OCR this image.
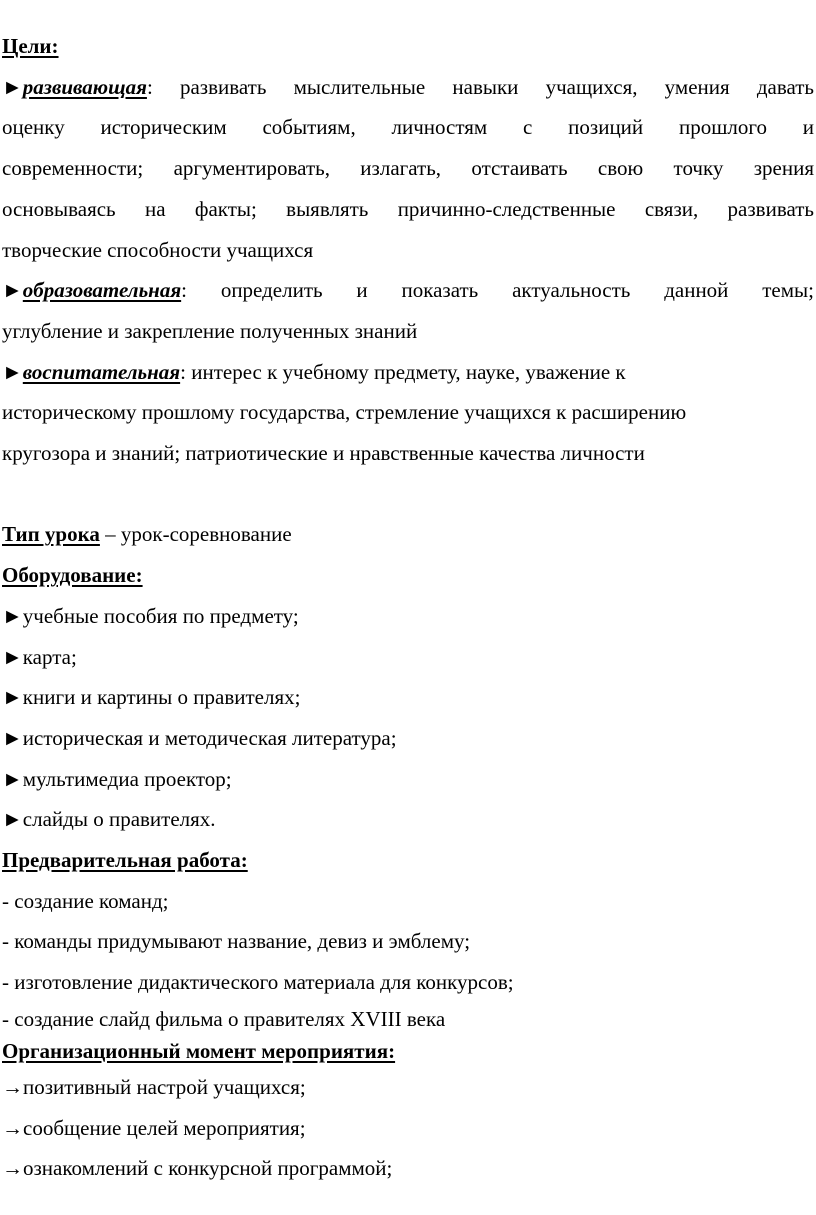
Цели:
►развивающая: развивать мыслительные навыки учащихся, умения давать
оценку историческим событиям, личностям с позиций прошлого и
современности; аргументировать, излагать, отстаивать свою точку зрения
основываясь на факты; выявлять причинно-следственные связи, развивать
творческие способности учащихся
►образовательная: определить и показать актуальность данной темы;
углубление и закрепление полученных знаний
►воспитательная: интерес к учебному предмету, науке, уважение к
историческому прошлому государства, стремление учащихся к расширению
кругозора и знаний; патриотические и нравственные качества личности
Тип урока – урок-соревнование
Оборудование:
►учебные пособия по предмету;
►карта;
►книги и картины о правителях;
►историческая и методическая литература;
►мультимедиа проектор;
►слайды о правителях.
Предварительная работа:
- создание команд;
- команды придумывают название, девиз и эмблему;
- изготовление дидактического материала для конкурсов;
- создание слайд фильма о правителях XVIII века
Организационный момент мероприятия:
→позитивный настрой учащихся;
→сообщение целей мероприятия;
→ознакомлений с конкурсной программой;
